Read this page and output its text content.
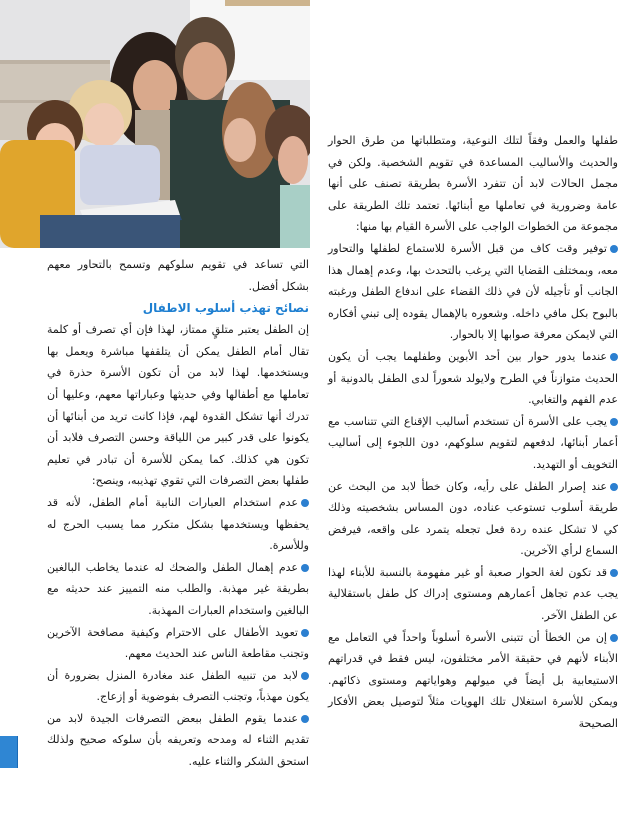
طفلها والعمل وفقاً لتلك النوعية، ومتطلباتها من طرق الحوار والحديث والأساليب المساعدة في تقويم الشخصية. ولكن في مجمل الحالات لابد أن تتفرد الأسرة بطريقة تصنف على أنها عامة وضرورية في تعاملها مع أبنائها. تعتمد تلك الطريقة على مجموعة من الخطوات الواجب على الأسرة القيام بها منها:

توفير وقت كاف من قبل الأسرة للاستماع لطفلها والتحاور معه، وبمختلف القضايا التي يرغب بالتحدث بها، وعدم إهمال هذا الجانب أو تأجيله لأن في ذلك القضاء على اندفاع الطفل ورغبته بالبوح بكل مافي داخله. وشعوره بالإهمال يقوده إلى تبني أفكاره التي لايمكن معرفة صوابها إلا بالحوار.

عندما يدور حوار بين أحد الأبوين وطفلهما يجب أن يكون الحديث متوازناً في الطرح ولايولد شعوراً لدى الطفل بالدونية أو عدم الفهم والتغابي.

يجب على الأسرة أن تستخدم أساليب الإقناع التي تتناسب مع أعمار أبنائها، لدفعهم لتقويم سلوكهم، دون اللجوء إلى أساليب التخويف أو التهديد.

عند إصرار الطفل على رأيه، وكان خطأ لابد من البحث عن طريقة أسلوب تستوعب عناده، دون المساس بشخصيته وذلك كي لا تشكل عنده ردة فعل تجعله يتمرد على واقعه، فيرفض السماع لرأي الآخرين.

قد تكون لغة الحوار صعبة أو غير مفهومة بالنسبة للأبناء لهذا يجب عدم تجاهل أعمارهم ومستوى إدراك كل طفل باستقلالية عن الطفل الآخر.

إن من الخطأ أن تتبنى الأسرة أسلوباً واحداً في التعامل مع الأبناء لأنهم في حقيقة الأمر مختلفون، ليس فقط في قدراتهم الاستيعابية بل أيضاً في ميولهم وهواياتهم ومستوى ذكائهم. ويمكن للأسرة استغلال تلك الهويات مثلاً لتوصيل بعض الأفكار الصحيحة

التي تساعد في تقويم سلوكهم وتسمح بالتحاور معهم بشكل أفضل.

نصائح تهذب أسلوب الاطفال

إن الطفل يعتبر متلقٍ ممتاز، لهذا فإن أي تصرف أو كلمة تقال أمام الطفل يمكن أن يتلقفها مباشرة ويعمل بها ويستخدمها. لهذا لابد من أن تكون الأسرة حذرة في تعاملها مع أطفالها وفي حديثها وعباراتها معهم، وعليها أن تدرك أنها تشكل القدوة لهم، فإذا كانت تريد من أبنائها أن يكونوا على قدر كبير من اللياقة وحسن التصرف فلابد أن تكون هي كذلك. كما يمكن للأسرة أن تبادر في تعليم طفلها بعض التصرفات التي تقوي تهذيبه، وينصح:

عدم استخدام العبارات النابية أمام الطفل، لأنه قد يحفظها ويستخدمها بشكل متكرر مما يسبب الحرج له وللأسرة.

عدم إهمال الطفل والضحك له عندما يخاطب البالغين بطريقة غير مهذبة. والطلب منه التمييز عند حديثه مع البالغين واستخدام العبارات المهذبة.

تعويد الأطفال على الاحترام وكيفية مصافحة الآخرين وتجنب مقاطعة الناس عند الحديث معهم.

لابد من تنبيه الطفل عند مغادرة المنزل بضرورة أن يكون مهذباً، وتجنب التصرف بفوضوية أو إزعاج.

عندما يقوم الطفل ببعض التصرفات الجيدة لابد من تقديم الثناء له ومدحه وتعريفه بأن سلوكه صحيح ولذلك استحق الشكر والثناء عليه.
